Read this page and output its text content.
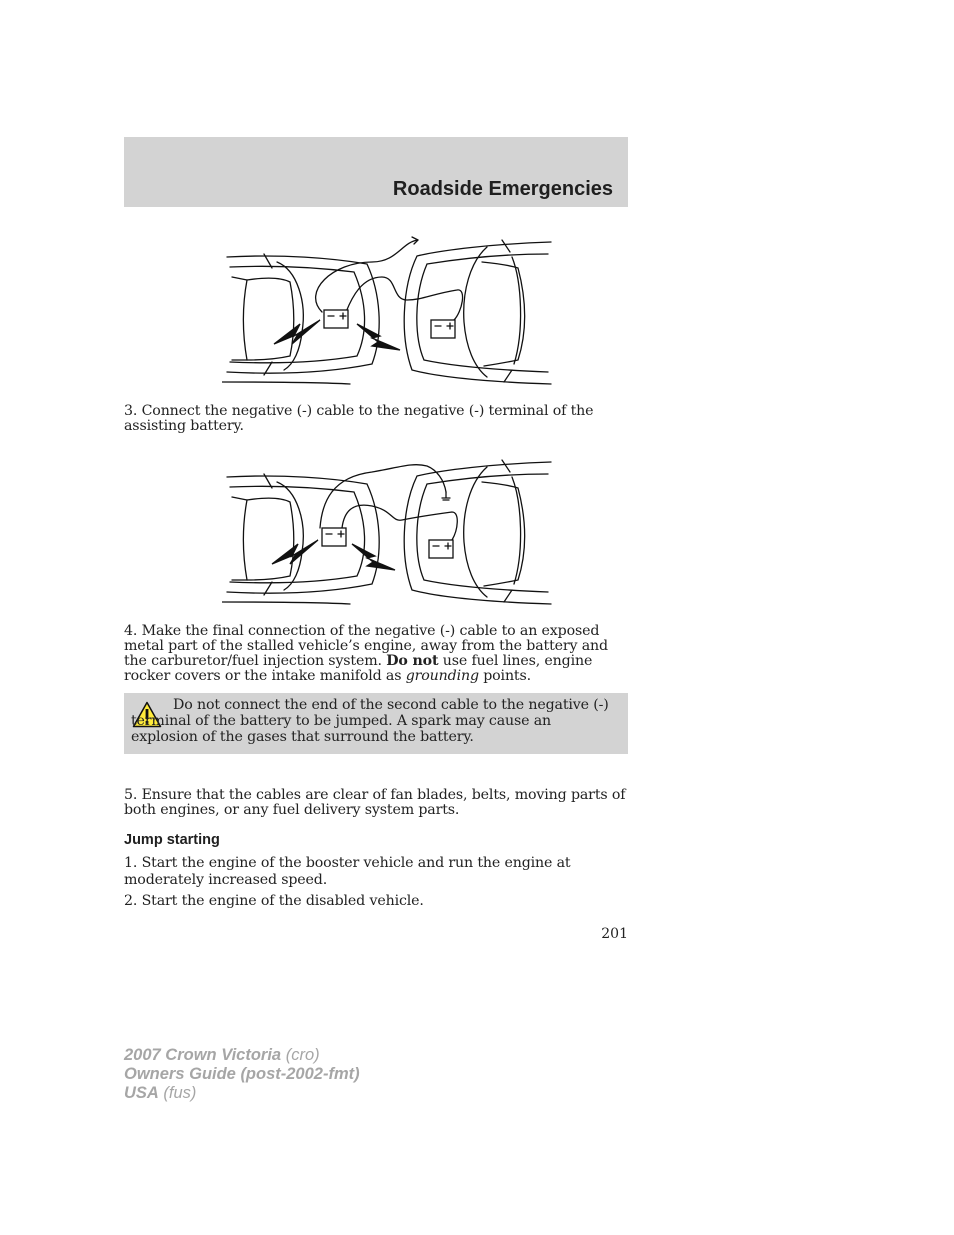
Roadside Emergencies

3. Connect the negative (-) cable to the negative (-) terminal of the assisting battery.

4. Make the final connection of the negative (-) cable to an exposed metal part of the stalled vehicle’s engine, away from the battery and the carburetor/fuel injection system. Do not use fuel lines, engine rocker covers or the intake manifold as grounding points.

Do not connect the end of the second cable to the negative (-) terminal of the battery to be jumped. A spark may cause an explosion of the gases that surround the battery.

5. Ensure that the cables are clear of fan blades, belts, moving parts of both engines, or any fuel delivery system parts.

Jump starting

1. Start the engine of the booster vehicle and run the engine at moderately increased speed.

2. Start the engine of the disabled vehicle.

201
2007 Crown Victoria (cro)
Owners Guide (post-2002-fmt)
USA (fus)
